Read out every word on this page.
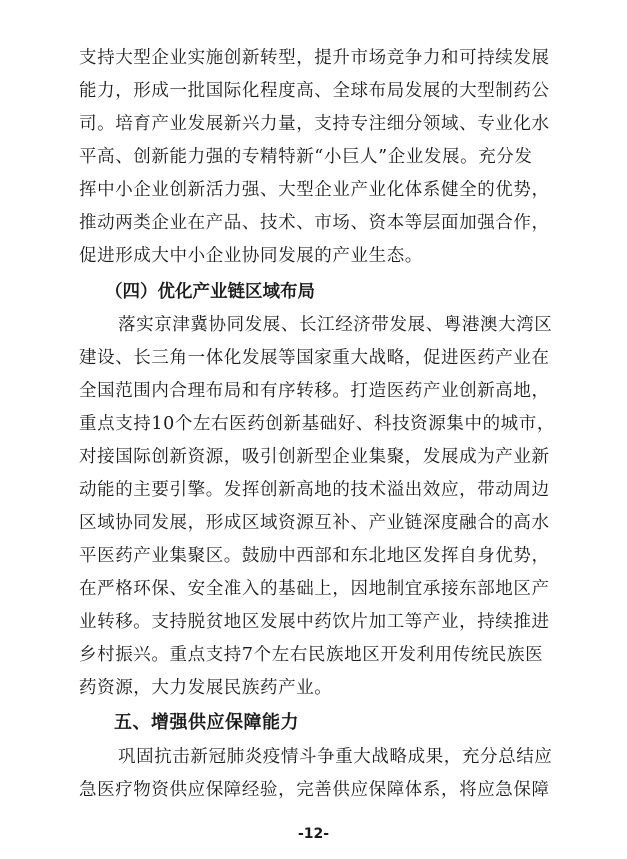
支持大型企业实施创新转型，提升市场竞争力和可持续发展
能力，形成一批国际化程度高、全球布局发展的大型制药公
司。培育产业发展新兴力量，支持专注细分领域、专业化水
平高、创新能力强的专精特新“小巨人”企业发展。充分发
挥中小企业创新活力强、大型企业产业化体系健全的优势，
推动两类企业在产品、技术、市场、资本等层面加强合作，
促进形成大中小企业协同发展的产业生态。
（四）优化产业链区域布局
落实京津冀协同发展、长江经济带发展、粤港澳大湾区
建设、长三角一体化发展等国家重大战略，促进医药产业在
全国范围内合理布局和有序转移。打造医药产业创新高地，
重点支持10个左右医药创新基础好、科技资源集中的城市，
对接国际创新资源，吸引创新型企业集聚，发展成为产业新
动能的主要引擎。发挥创新高地的技术溢出效应，带动周边
区域协同发展，形成区域资源互补、产业链深度融合的高水
平医药产业集聚区。鼓励中西部和东北地区发挥自身优势，
在严格环保、安全准入的基础上，因地制宜承接东部地区产
业转移。支持脱贫地区发展中药饮片加工等产业，持续推进
乡村振兴。重点支持7个左右民族地区开发利用传统民族医
药资源，大力发展民族药产业。
五、增强供应保障能力
巩固抗击新冠肺炎疫情斗争重大战略成果，充分总结应
急医疗物资供应保障经验，完善供应保障体系，将应急保障
-12-
